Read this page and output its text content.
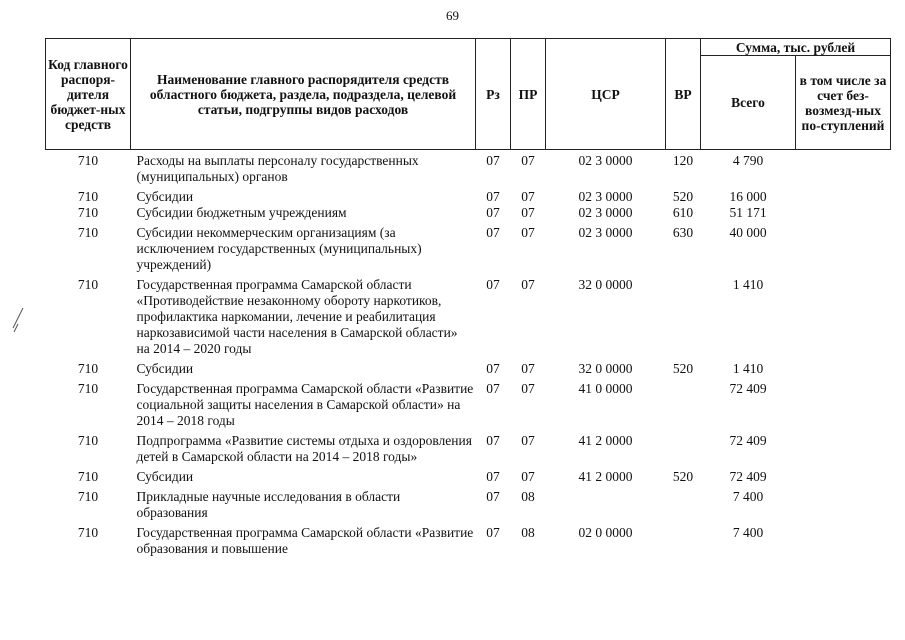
69
Код главного распоря-дителя бюджет-ных средств	Наименование главного распорядителя средств областного бюджета, раздела, подраздела, целевой статьи, подгруппы видов расходов	Рз	ПР	ЦСР	ВР	Сумма, тыс. рублей	
						Всего	в том числе за счет без-возмезд-ных по-ступлений
710	Расходы на выплаты персоналу государственных (муниципальных) органов	07	07	02 3 0000	120	4 790	
710	Субсидии	07	07	02 3 0000	520	16 000	
710	Субсидии бюджетным учреждениям	07	07	02 3 0000	610	51 171	
710	Субсидии некоммерческим организациям (за исключением государственных (муниципальных) учреждений)	07	07	02 3 0000	630	40 000	
710	Государственная программа Самарской области «Противодействие незаконному обороту наркотиков, профилактика наркомании, лечение и реабилитация наркозависимой части населения в Самарской области» на 2014 – 2020 годы	07	07	32 0 0000		1 410	
710	Субсидии	07	07	32 0 0000	520	1 410	
710	Государственная программа Самарской области «Развитие социальной защиты населения в Самарской области» на 2014 – 2018 годы	07	07	41 0 0000		72 409	
710	Подпрограмма «Развитие системы отдыха и оздоровления детей в Самарской области на 2014 – 2018 годы»	07	07	41 2 0000		72 409	
710	Субсидии	07	07	41 2 0000	520	72 409	
710	Прикладные научные исследования в области образования	07	08			7 400	
710	Государственная программа Самарской области «Развитие образования и повышение	07	08	02 0 0000		7 400	
